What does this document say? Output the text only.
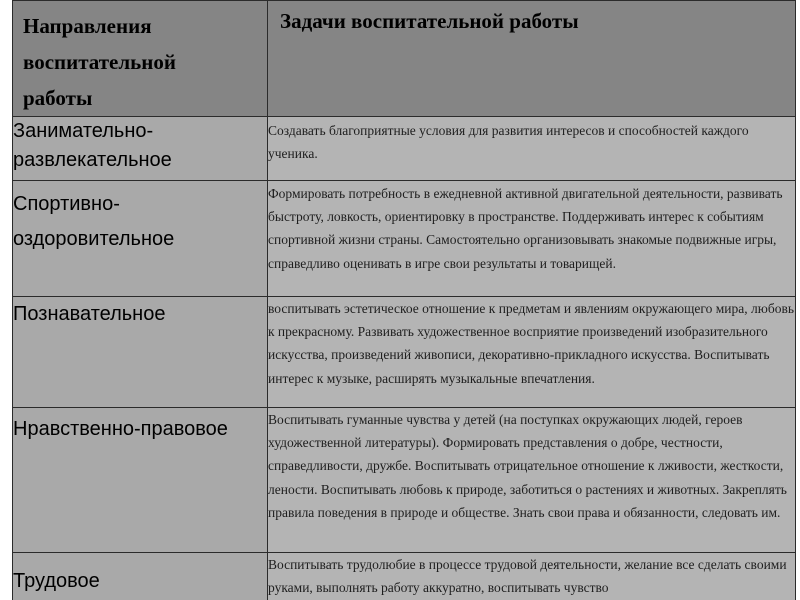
Направления
воспитательной
работы	Задачи воспитательной работы

Занимательно-развлекательное	Создавать благоприятные условия для развития интересов и способностей каждого ученика.
Спортивно-оздоровительное	Формировать потребность в ежедневной активной двигательной деятельности, развивать быстроту, ловкость, ориентировку в пространстве. Поддерживать интерес к событиям спортивной жизни страны. Самостоятельно организовывать знакомые подвижные игры, справедливо оценивать в игре свои результаты и товарищей.
Познавательное	воспитывать эстетическое отношение к предметам и явлениям окружающего мира, любовь к прекрасному. Развивать художественное восприятие произведений изобразительного искусства, произведений живописи, декоративно-прикладного искусства. Воспитывать интерес к музыке, расширять музыкальные впечатления.
Нравственно-правовое	Воспитывать гуманные чувства у детей (на поступках окружающих людей, героев художественной литературы). Формировать представления о добре, честности, справедливости, дружбе. Воспитывать отрицательное отношение к лживости, жесткости, лености. Воспитывать любовь к природе, заботиться о растениях и животных. Закреплять правила поведения в природе и обществе. Знать свои права и обязанности, следовать им.
Трудовое	Воспитывать трудолюбие в процессе трудовой деятельности, желание все сделать своими руками, выполнять работу аккуратно, воспитывать чувство
